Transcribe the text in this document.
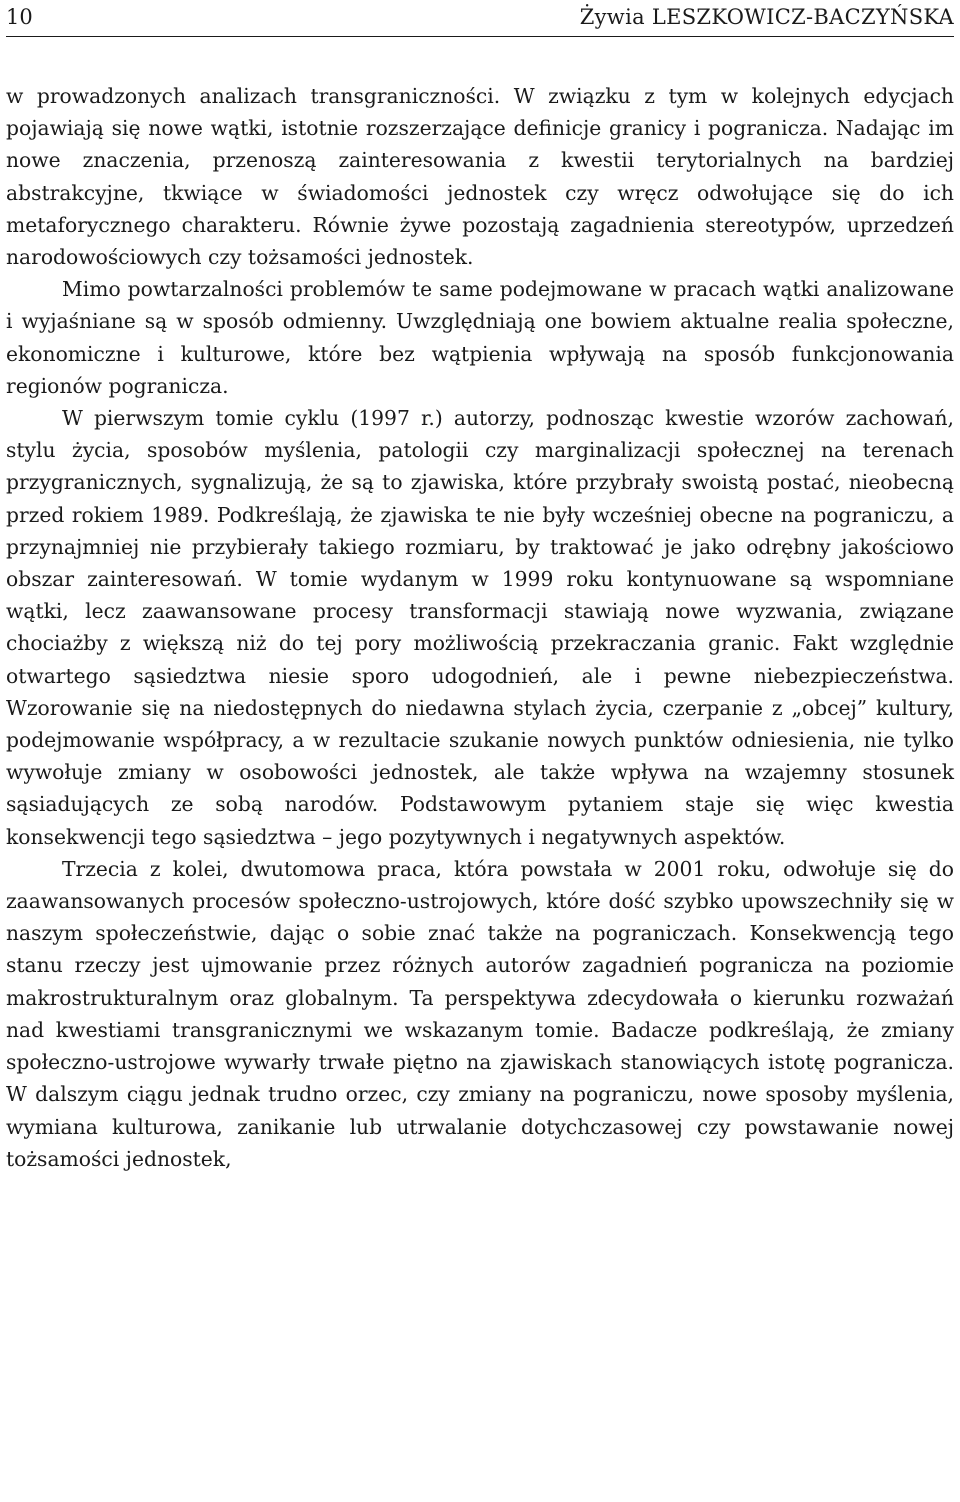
10	Żywia LESZKOWICZ-BACZYŃSKA

w prowadzonych analizach transgraniczności. W związku z tym w kolejnych edycjach pojawiają się nowe wątki, istotnie rozszerzające definicje granicy i pogranicza. Nadając im nowe znaczenia, przenoszą zainteresowania z kwestii terytorialnych na bardziej abstrakcyjne, tkwiące w świadomości jednostek czy wręcz odwołujące się do ich metaforycznego charakteru. Równie żywe pozostają zagadnienia stereotypów, uprzedzeń narodowościowych czy tożsamości jednostek.

Mimo powtarzalności problemów te same podejmowane w pracach wątki analizowane i wyjaśniane są w sposób odmienny. Uwzględniają one bowiem aktualne realia społeczne, ekonomiczne i kulturowe, które bez wątpienia wpływają na sposób funkcjonowania regionów pogranicza.

W pierwszym tomie cyklu (1997 r.) autorzy, podnosząc kwestie wzorów zachowań, stylu życia, sposobów myślenia, patologii czy marginalizacji społecznej na terenach przygranicznych, sygnalizują, że są to zjawiska, które przybrały swoistą postać, nieobecną przed rokiem 1989. Podkreślają, że zjawiska te nie były wcześniej obecne na pograniczu, a przynajmniej nie przybierały takiego rozmiaru, by traktować je jako odrębny jakościowo obszar zainteresowań. W tomie wydanym w 1999 roku kontynuowane są wspomniane wątki, lecz zaawansowane procesy transformacji stawiają nowe wyzwania, związane chociażby z większą niż do tej pory możliwością przekraczania granic. Fakt względnie otwartego sąsiedztwa niesie sporo udogodnień, ale i pewne niebezpieczeństwa. Wzorowanie się na niedostępnych do niedawna stylach życia, czerpanie z „obcej” kultury, podejmowanie współpracy, a w rezultacie szukanie nowych punktów odniesienia, nie tylko wywołuje zmiany w osobowości jednostek, ale także wpływa na wzajemny stosunek sąsiadujących ze sobą narodów. Podstawowym pytaniem staje się więc kwestia konsekwencji tego sąsiedztwa – jego pozytywnych i negatywnych aspektów.

Trzecia z kolei, dwutomowa praca, która powstała w 2001 roku, odwołuje się do zaawansowanych procesów społeczno-ustrojowych, które dość szybko upowszechniły się w naszym społeczeństwie, dając o sobie znać także na pograniczach. Konsekwencją tego stanu rzeczy jest ujmowanie przez różnych autorów zagadnień pogranicza na poziomie makrostrukturalnym oraz globalnym. Ta perspektywa zdecydowała o kierunku rozważań nad kwestiami transgranicznymi we wskazanym tomie. Badacze podkreślają, że zmiany społeczno-ustrojowe wywarły trwałe piętno na zjawiskach stanowiących istotę pogranicza. W dalszym ciągu jednak trudno orzec, czy zmiany na pograniczu, nowe sposoby myślenia, wymiana kulturowa, zanikanie lub utrwalanie dotychczasowej czy powstawanie nowej tożsamości jednostek,
